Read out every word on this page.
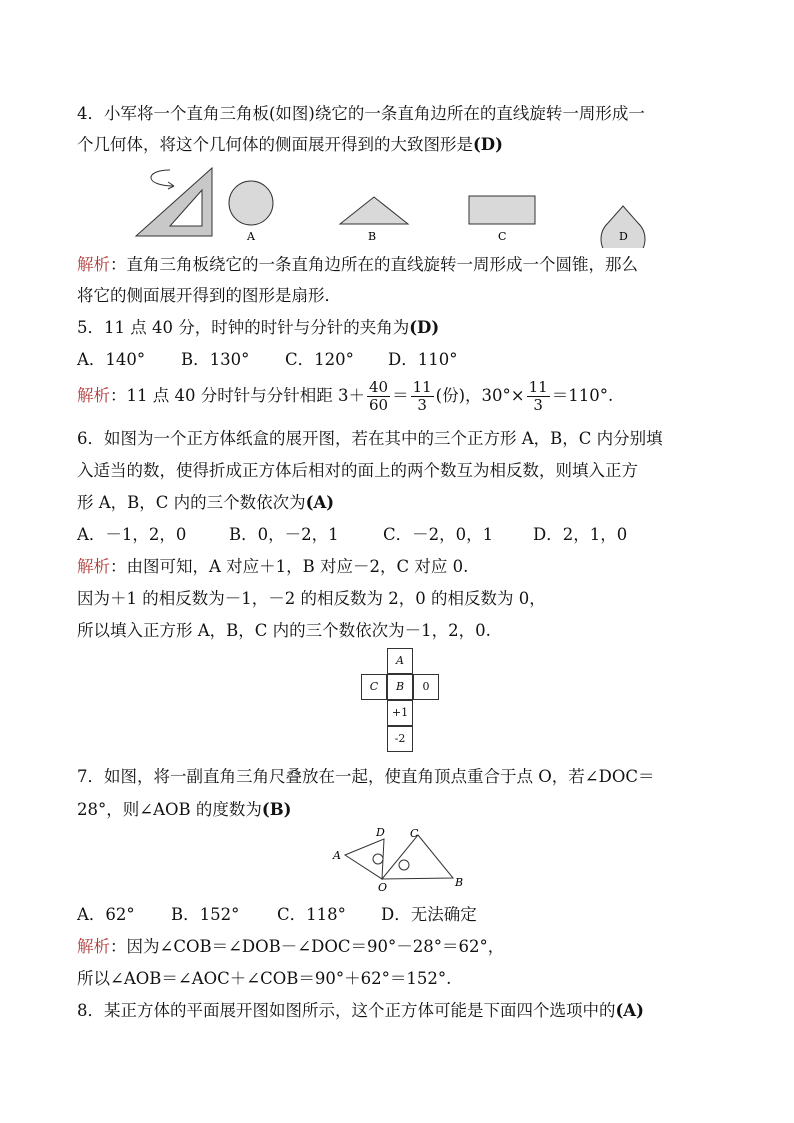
4．小军将一个直角三角板(如图)绕它的一条直角边所在的直线旋转一周形成一
个几何体，将这个几何体的侧面展开得到的大致图形是(D)
A	B	C	D
解析：直角三角板绕它的一条直角边所在的直线旋转一周形成一个圆锥，那么
将它的侧面展开得到的图形是扇形．
5．11 点 40 分，时钟的时针与分针的夹角为(D)
A．140° B．130° C．120° D．110°
解析：11 点 40 分时针与分针相距 $3+ \frac{40}{60} = \frac{11}{3}$ (份)，$30^\circ\times \frac{11}{3} =110^\circ$.
6．如图为一个正方体纸盒的展开图，若在其中的三个正方形 A，B，C 内分别填
入适当的数，使得折成正方体后相对的面上的两个数互为相反数，则填入正方
形 A，B，C 内的三个数依次为(A)
A．－1，2，0	B．0，－2，1	C．－2，0，1 D．2，1，0
解析：由图可知，A 对应＋1，B 对应－2，C 对应 0.
因为＋1 的相反数为－1，－2 的相反数为 2，0 的相反数为 0，
所以填入正方形 A，B，C 内的三个数依次为－1，2，0.
A
C	B	0
+1
-2
7．如图，将一副直角三角尺叠放在一起，使直角顶点重合于点 O，若∠DOC＝
28°，则∠AOB 的度数为(B)
A
D C
O	B
A．62° B．152° C．118° D．无法确定
解析：因为∠COB＝∠DOB－∠DOC＝90°－28°＝62°，
所以∠AOB＝∠AOC＋∠COB＝90°＋62°＝152°.
8．某正方体的平面展开图如图所示，这个正方体可能是下面四个选项中的(A)
